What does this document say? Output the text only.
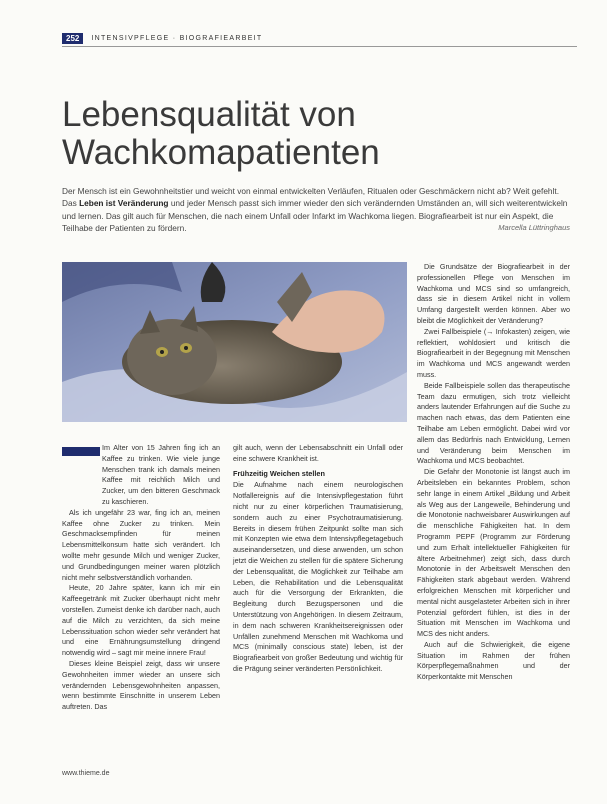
252	INTENSIVPFLEGE · BIOGRAFIEARBEIT
Lebensqualität von
Wachkomapatienten
Der Mensch ist ein Gewohnheitstier und weicht von einmal entwickelten Verläufen, Ritualen oder Geschmäckern nicht ab? Weit gefehlt. Das Leben ist Veränderung und jeder Mensch passt sich immer wieder den sich verändernden Umständen an, will sich weiterentwickeln und lernen. Das gilt auch für Menschen, die nach einem Unfall oder Infarkt im Wachkoma liegen. Biografiearbeit ist nur ein Aspekt, die Teilhabe der Patienten zu fördern.	Marcella Lüttringhaus

Im Alter von 15 Jahren fing ich an Kaffee zu trinken. Wie viele junge Menschen trank ich damals meinen Kaffee mit reichlich Milch und Zucker, um den bitteren Geschmack zu kaschieren.

Als ich ungefähr 23 war, fing ich an, meinen Kaffee ohne Zucker zu trinken. Mein Geschmacksempfinden für meinen Lebensmittelkonsum hatte sich verändert. Ich wollte mehr gesunde Milch und weniger Zucker, und Grundbedingungen meiner waren plötzlich nicht mehr selbstverständlich vorhanden.

Heute, 20 Jahre später, kann ich mir ein Kaffeegetränk mit Zucker überhaupt nicht mehr vorstellen. Zumeist denke ich darüber nach, auch auf die Milch zu verzichten, da sich meine Lebenssituation schon wieder sehr verändert hat und eine Ernährungsumstellung dringend notwendig wird – sagt mir meine innere Frau!

Dieses kleine Beispiel zeigt, dass wir unsere Gewohnheiten immer wieder an unsere sich verändernden Lebensgewohnheiten anpassen, wenn bestimmte Einschnitte in unserem Leben auftreten. Das

gilt auch, wenn der Lebensabschnitt ein Unfall oder eine schwere Krankheit ist.

Frühzeitig Weichen stellen

Die Aufnahme nach einem neurologischen Notfallereignis auf die Intensivpflegestation führt nicht nur zu einer körperlichen Traumatisierung, sondern auch zu einer Psychotraumatisierung. Bereits in diesem frühen Zeitpunkt sollte man sich mit Konzepten wie etwa dem Intensivpflegetagebuch auseinandersetzen, und diese anwenden, um schon jetzt die Weichen zu stellen für die spätere Sicherung der Lebensqualität, die Möglichkeit zur Teilhabe am Leben, die Rehabilitation und die Lebensqualität auch für die Versorgung der Erkrankten, die Begleitung durch Bezugspersonen und die Unterstützung von Angehörigen. In diesem Zeitraum, in dem nach schweren Krankheitsereignissen oder Unfällen zunehmend Menschen mit Wachkoma und MCS (minimally conscious state) leben, ist der Biografiearbeit von großer Bedeutung und wichtig für die Prägung seiner veränderten Persönlichkeit.

Die Grundsätze der Biografiearbeit in der professionellen Pflege von Menschen im Wachkoma und MCS sind so umfangreich, dass sie in diesem Artikel nicht in vollem Umfang dargestellt werden können. Aber wo bleibt die Möglichkeit der Veränderung?

Zwei Fallbeispiele (→ Infokasten) zeigen, wie reflektiert, wohldosiert und kritisch die Biografiearbeit in der Begegnung mit Menschen im Wachkoma und MCS angewandt werden muss.

Beide Fallbeispiele sollen das therapeutische Team dazu ermutigen, sich trotz vielleicht anders lautender Erfahrungen auf die Suche zu machen nach etwas, das dem Patienten eine Teilhabe am Leben ermöglicht. Dabei wird vor allem das Bedürfnis nach Entwicklung, Lernen und Veränderung beim Menschen im Wachkoma und MCS beobachtet.

Die Gefahr der Monotonie ist längst auch im Arbeitsleben ein bekanntes Problem, schon sehr lange in einem Artikel „Bildung und Arbeit als Weg aus der Langeweile, Behinderung und die Monotonie nachweisbarer Auswirkungen auf die menschliche Fähigkeiten hat. In dem Programm PEPF (Programm zur Förderung und zum Erhalt intellektueller Fähigkeiten für ältere Arbeitnehmer) zeigt sich, dass durch Monotonie in der Arbeitswelt Menschen den Fähigkeiten stark abgebaut werden. Während erfolgreichen Menschen mit körperlicher und mental nicht ausgelasteter Arbeiten sich in ihrer Potenzial gefördert fühlen, ist dies in der Situation mit Menschen im Wachkoma und MCS des nicht anders.

Auch auf die Schwierigkeit, die eigene Situation im Rahmen der frühen Körperpflegemaßnahmen und der Körperkontakte mit Menschen

www.thieme.de
